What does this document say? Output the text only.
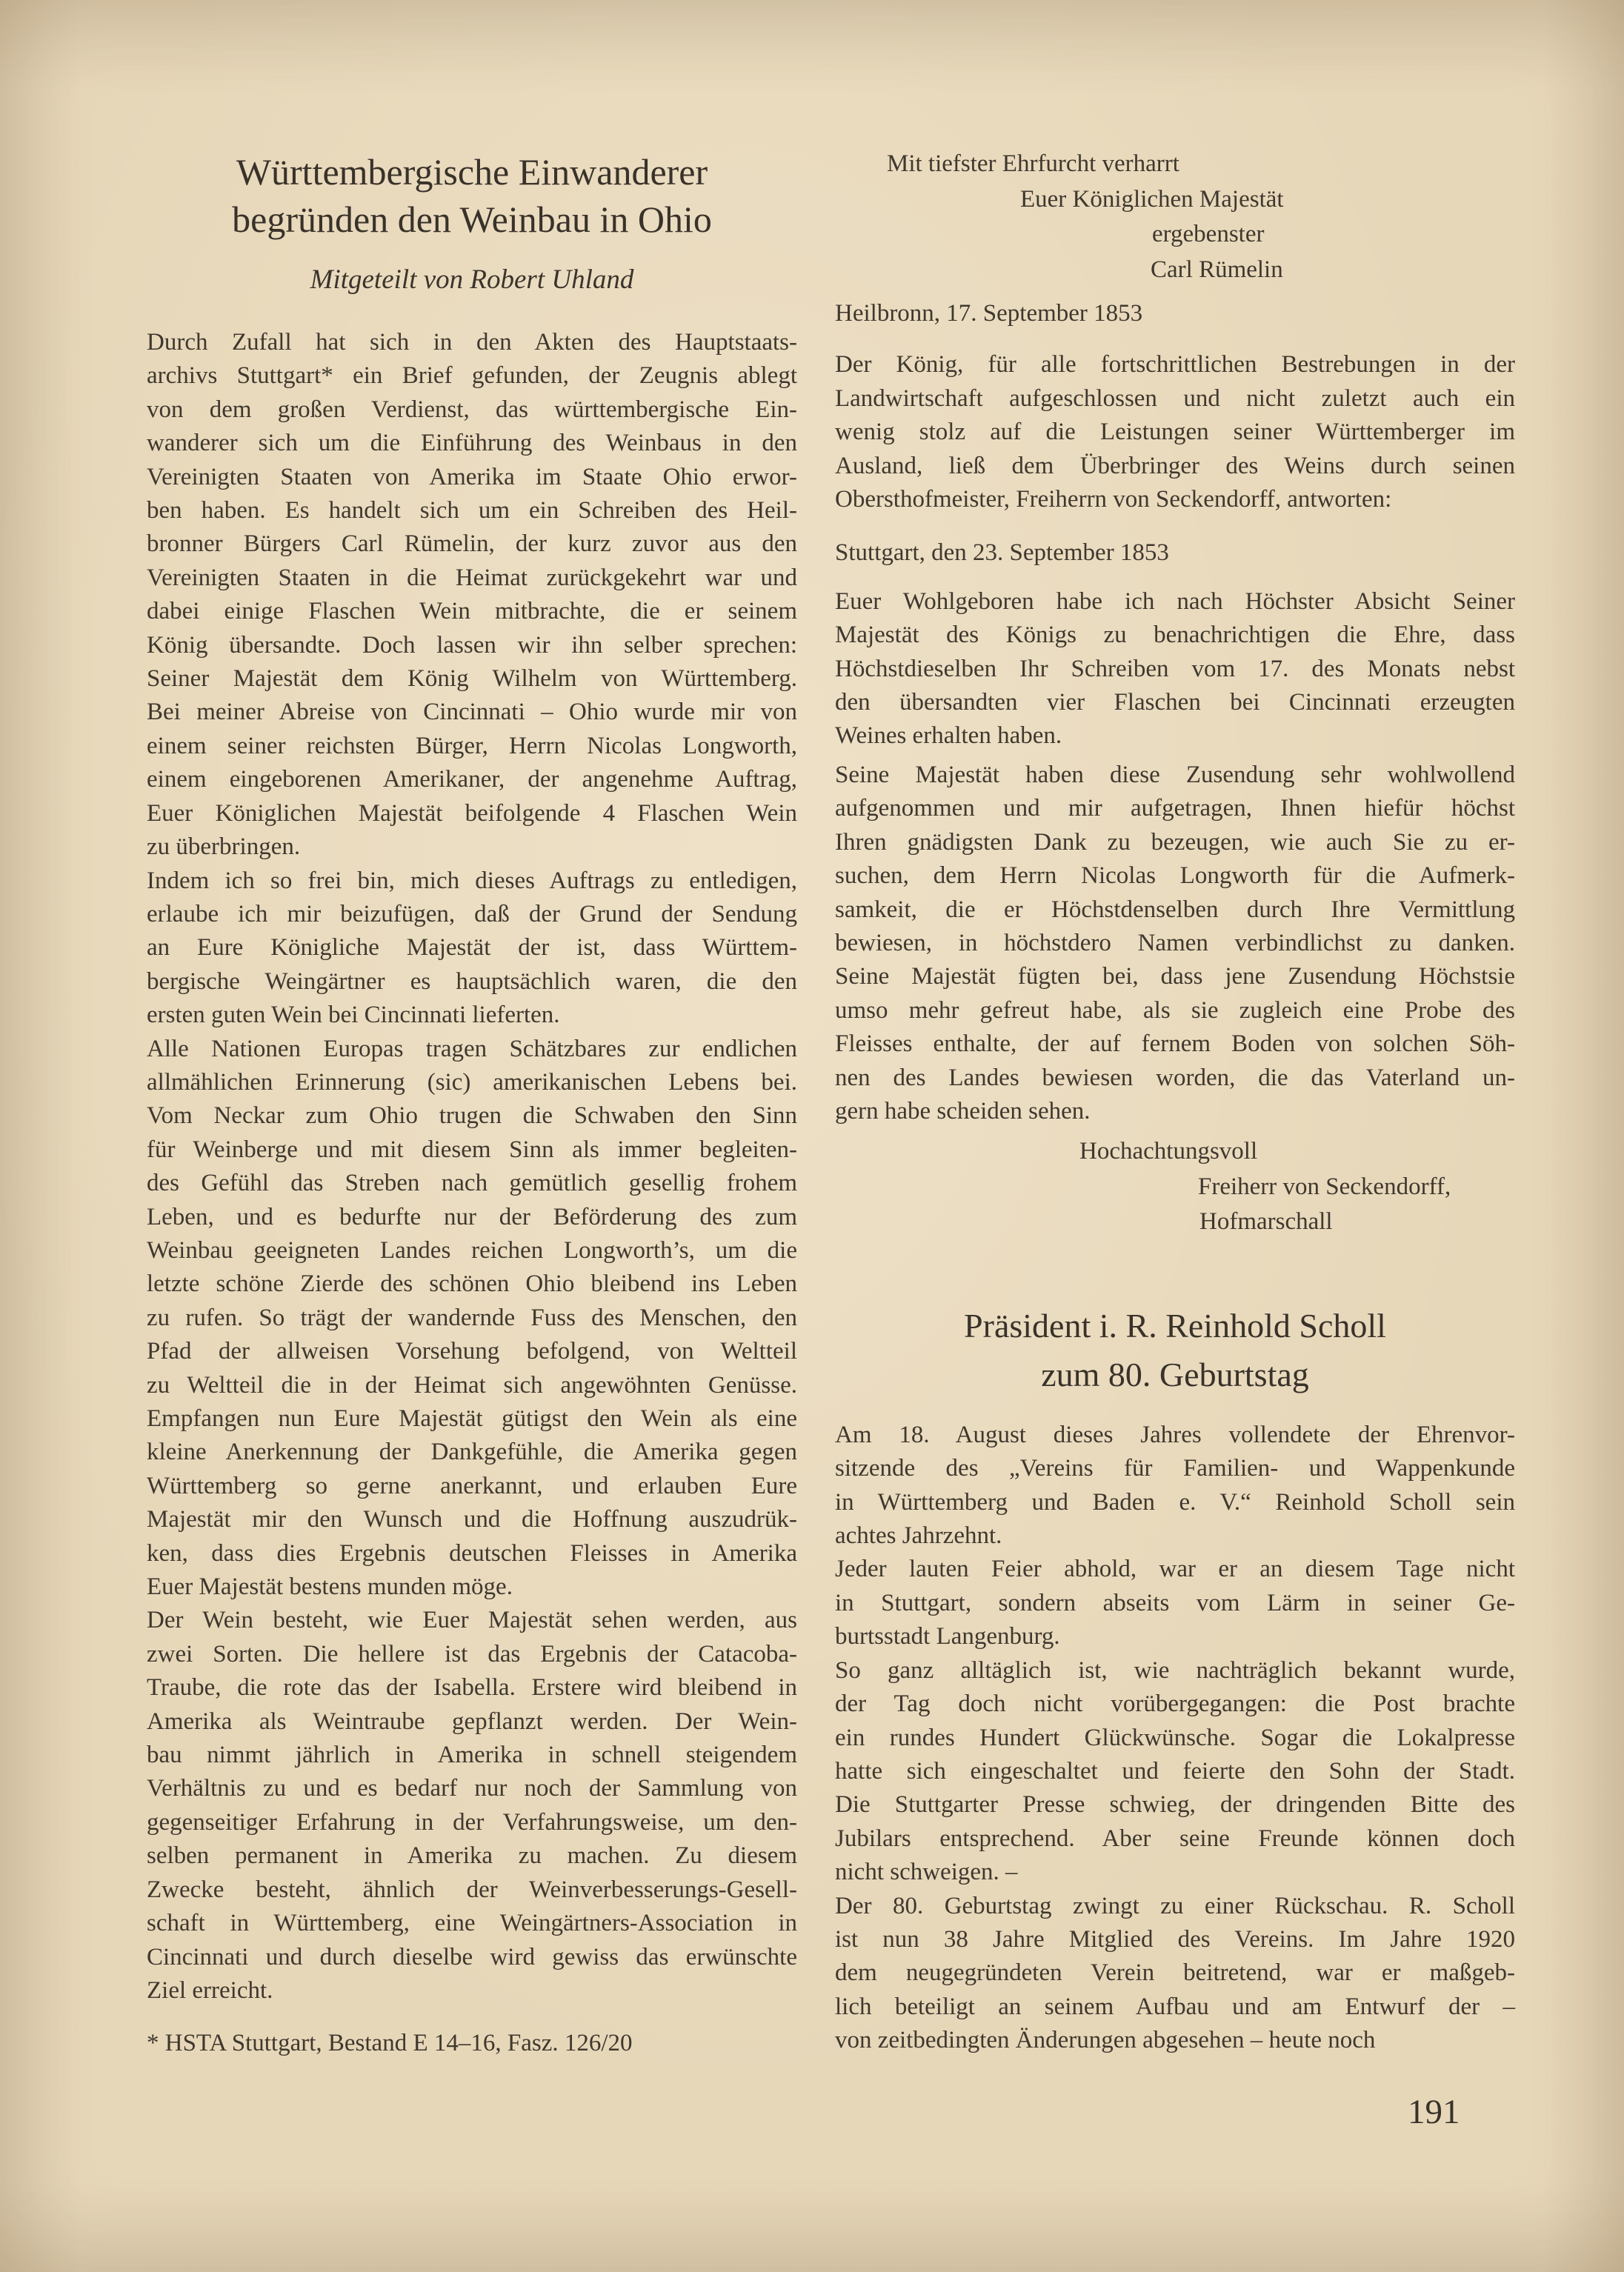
Württembergische Einwanderer
begründen den Weinbau in Ohio
Mitgeteilt von Robert Uhland
Durch Zufall hat sich in den Akten des Hauptstaats-
archivs Stuttgart* ein Brief gefunden, der Zeugnis ablegt
von dem großen Verdienst, das württembergische Ein-
wanderer sich um die Einführung des Weinbaus in den
Vereinigten Staaten von Amerika im Staate Ohio erwor-
ben haben. Es handelt sich um ein Schreiben des Heil-
bronner Bürgers Carl Rümelin, der kurz zuvor aus den
Vereinigten Staaten in die Heimat zurückgekehrt war und
dabei einige Flaschen Wein mitbrachte, die er seinem
König übersandte. Doch lassen wir ihn selber sprechen:
Seiner Majestät dem König Wilhelm von Württemberg.
Bei meiner Abreise von Cincinnati – Ohio wurde mir von
einem seiner reichsten Bürger, Herrn Nicolas Longworth,
einem eingeborenen Amerikaner, der angenehme Auftrag,
Euer Königlichen Majestät beifolgende 4 Flaschen Wein
zu überbringen.
Indem ich so frei bin, mich dieses Auftrags zu entledigen,
erlaube ich mir beizufügen, daß der Grund der Sendung
an Eure Königliche Majestät der ist, dass Württem-
bergische Weingärtner es hauptsächlich waren, die den
ersten guten Wein bei Cincinnati lieferten.
Alle Nationen Europas tragen Schätzbares zur endlichen
allmählichen Erinnerung (sic) amerikanischen Lebens bei.
Vom Neckar zum Ohio trugen die Schwaben den Sinn
für Weinberge und mit diesem Sinn als immer begleiten-
des Gefühl das Streben nach gemütlich gesellig frohem
Leben, und es bedurfte nur der Beförderung des zum
Weinbau geeigneten Landes reichen Longworth’s, um die
letzte schöne Zierde des schönen Ohio bleibend ins Leben
zu rufen. So trägt der wandernde Fuss des Menschen, den
Pfad der allweisen Vorsehung befolgend, von Weltteil
zu Weltteil die in der Heimat sich angewöhnten Genüsse.
Empfangen nun Eure Majestät gütigst den Wein als eine
kleine Anerkennung der Dankgefühle, die Amerika gegen
Württemberg so gerne anerkannt, und erlauben Eure
Majestät mir den Wunsch und die Hoffnung auszudrük-
ken, dass dies Ergebnis deutschen Fleisses in Amerika
Euer Majestät bestens munden möge.
Der Wein besteht, wie Euer Majestät sehen werden, aus
zwei Sorten. Die hellere ist das Ergebnis der Catacoba-
Traube, die rote das der Isabella. Erstere wird bleibend in
Amerika als Weintraube gepflanzt werden. Der Wein-
bau nimmt jährlich in Amerika in schnell steigendem
Verhältnis zu und es bedarf nur noch der Sammlung von
gegenseitiger Erfahrung in der Verfahrungsweise, um den-
selben permanent in Amerika zu machen. Zu diesem
Zwecke besteht, ähnlich der Weinverbesserungs-Gesell-
schaft in Württemberg, eine Weingärtners-Association in
Cincinnati und durch dieselbe wird gewiss das erwünschte
Ziel erreicht.
* HSTA Stuttgart, Bestand E 14–16, Fasz. 126/20
Mit tiefster Ehrfurcht verharrt
Euer Königlichen Majestät
ergebenster
Carl Rümelin
Heilbronn, 17. September 1853
Der König, für alle fortschrittlichen Bestrebungen in der
Landwirtschaft aufgeschlossen und nicht zuletzt auch ein
wenig stolz auf die Leistungen seiner Württemberger im
Ausland, ließ dem Überbringer des Weins durch seinen
Obersthofmeister, Freiherrn von Seckendorff, antworten:
Stuttgart, den 23. September 1853
Euer Wohlgeboren habe ich nach Höchster Absicht Seiner
Majestät des Königs zu benachrichtigen die Ehre, dass
Höchstdieselben Ihr Schreiben vom 17. des Monats nebst
den übersandten vier Flaschen bei Cincinnati erzeugten
Weines erhalten haben.
Seine Majestät haben diese Zusendung sehr wohlwollend
aufgenommen und mir aufgetragen, Ihnen hiefür höchst
Ihren gnädigsten Dank zu bezeugen, wie auch Sie zu er-
suchen, dem Herrn Nicolas Longworth für die Aufmerk-
samkeit, die er Höchstdenselben durch Ihre Vermittlung
bewiesen, in höchstdero Namen verbindlichst zu danken.
Seine Majestät fügten bei, dass jene Zusendung Höchstsie
umso mehr gefreut habe, als sie zugleich eine Probe des
Fleisses enthalte, der auf fernem Boden von solchen Söh-
nen des Landes bewiesen worden, die das Vaterland un-
gern habe scheiden sehen.
Hochachtungsvoll
Freiherr von Seckendorff,
Hofmarschall
Präsident i. R. Reinhold Scholl
zum 80. Geburtstag
Am 18. August dieses Jahres vollendete der Ehrenvor-
sitzende des „Vereins für Familien- und Wappenkunde
in Württemberg und Baden e. V.“ Reinhold Scholl sein
achtes Jahrzehnt.
Jeder lauten Feier abhold, war er an diesem Tage nicht
in Stuttgart, sondern abseits vom Lärm in seiner Ge-
burtsstadt Langenburg.
So ganz alltäglich ist, wie nachträglich bekannt wurde,
der Tag doch nicht vorübergegangen: die Post brachte
ein rundes Hundert Glückwünsche. Sogar die Lokalpresse
hatte sich eingeschaltet und feierte den Sohn der Stadt.
Die Stuttgarter Presse schwieg, der dringenden Bitte des
Jubilars entsprechend. Aber seine Freunde können doch
nicht schweigen. –
Der 80. Geburtstag zwingt zu einer Rückschau. R. Scholl
ist nun 38 Jahre Mitglied des Vereins. Im Jahre 1920
dem neugegründeten Verein beitretend, war er maßgeb-
lich beteiligt an seinem Aufbau und am Entwurf der –
von zeitbedingten Änderungen abgesehen – heute noch
191
